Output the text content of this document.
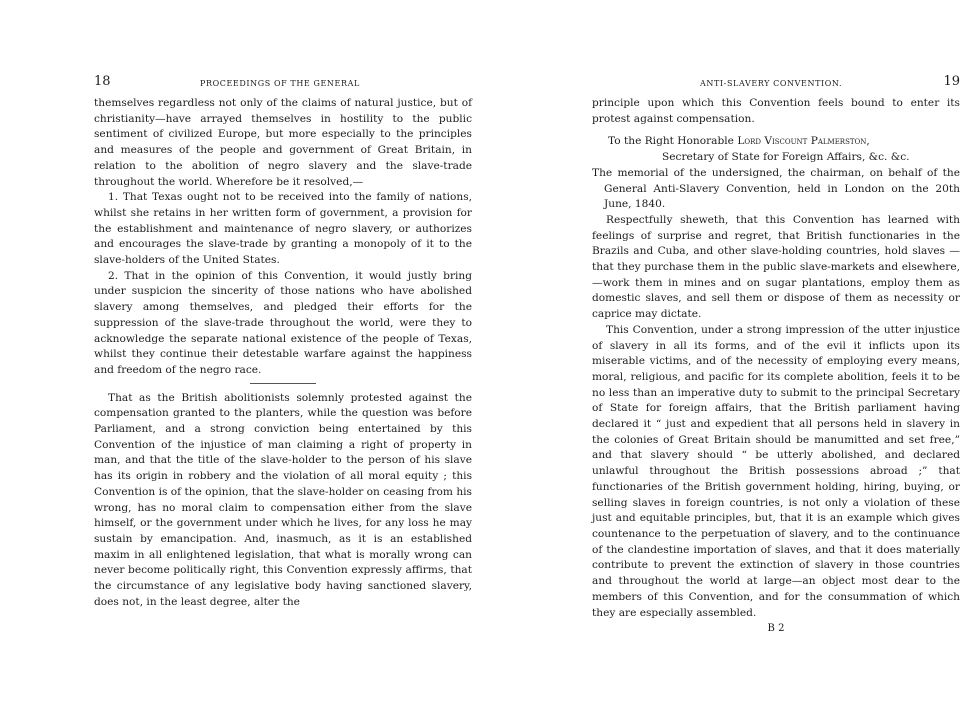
18	PROCEEDINGS OF THE GENERAL

themselves regardless not only of the claims of natural justice, but of christianity—have arrayed themselves in hostility to the public sentiment of civilized Europe, but more especially to the principles and measures of the people and government of Great Britain, in relation to the abolition of negro slavery and the slave-trade throughout the world. Wherefore be it resolved,—

1. That Texas ought not to be received into the family of nations, whilst she retains in her written form of government, a provision for the establishment and maintenance of negro slavery, or authorizes and encourages the slave-trade by granting a monopoly of it to the slave-holders of the United States.

2. That in the opinion of this Convention, it would justly bring under suspicion the sincerity of those nations who have abolished slavery among themselves, and pledged their efforts for the suppression of the slave-trade throughout the world, were they to acknowledge the separate national existence of the people of Texas, whilst they continue their detestable warfare against the happiness and freedom of the negro race.

That as the British abolitionists solemnly protested against the compensation granted to the planters, while the question was before Parliament, and a strong conviction being entertained by this Convention of the injustice of man claiming a right of property in man, and that the title of the slave-holder to the person of his slave has its origin in robbery and the violation of all moral equity ; this Convention is of the opinion, that the slave-holder on ceasing from his wrong, has no moral claim to compensation either from the slave himself, or the government under which he lives, for any loss he may sustain by emancipation. And, inasmuch, as it is an established maxim in all enlightened legislation, that what is morally wrong can never become politically right, this Convention expressly affirms, that the circumstance of any legislative body having sanctioned slavery, does not, in the least degree, alter the

ANTI-SLAVERY CONVENTION.	19

principle upon which this Convention feels bound to enter its protest against compensation.

To the Right Honorable Lord Viscount Palmerston,
Secretary of State for Foreign Affairs, &c. &c.

The memorial of the undersigned, the chairman, on behalf of the General Anti-Slavery Convention, held in London on the 20th June, 1840.

Respectfully sheweth, that this Convention has learned with feelings of surprise and regret, that British functionaries in the Brazils and Cuba, and other slave-holding countries, hold slaves —that they purchase them in the public slave-markets and elsewhere,—work them in mines and on sugar plantations, employ them as domestic slaves, and sell them or dispose of them as necessity or caprice may dictate.

This Convention, under a strong impression of the utter injustice of slavery in all its forms, and of the evil it inflicts upon its miserable victims, and of the necessity of employing every means, moral, religious, and pacific for its complete abolition, feels it to be no less than an imperative duty to submit to the principal Secretary of State for foreign affairs, that the British parliament having declared it “ just and expedient that all persons held in slavery in the colonies of Great Britain should be manumitted and set free,” and that slavery should “ be utterly abolished, and declared unlawful throughout the British possessions abroad ;” that functionaries of the British government holding, hiring, buying, or selling slaves in foreign countries, is not only a violation of these just and equitable principles, but, that it is an example which gives countenance to the perpetuation of slavery, and to the continuance of the clandestine importation of slaves, and that it does materially contribute to prevent the extinction of slavery in those countries and throughout the world at large—an object most dear to the members of this Convention, and for the consummation of which they are especially assembled.

B 2
